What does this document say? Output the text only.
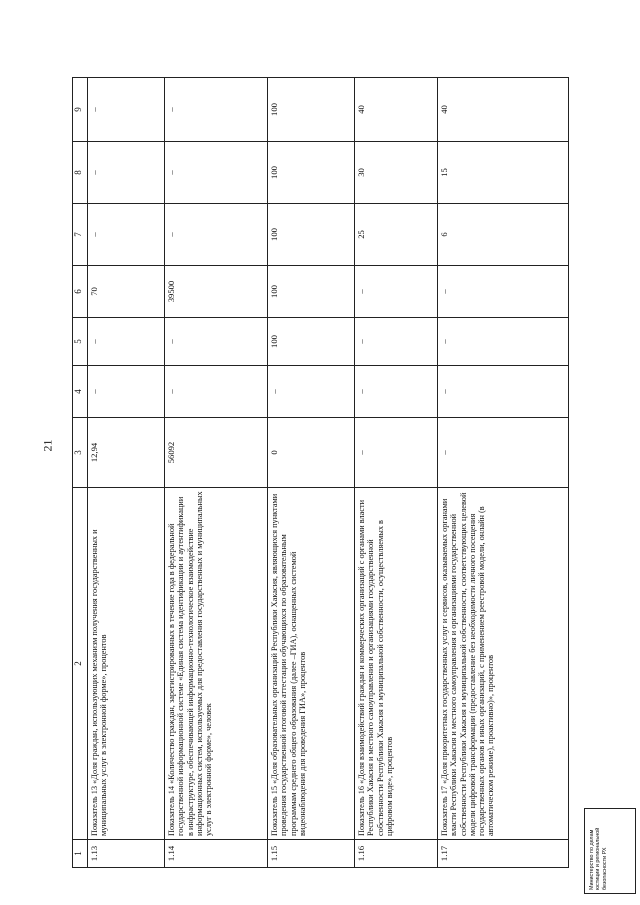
21
1	2	3	4	5	6	7	8	9
1.13	Показатель 13 «Доля граждан, использующих механизм получения государственных и муниципальных услуг в электронной форме», процентов	12,94	–	–	70	–	–	–
1.14	Показатель 14 «Количество граждан, зарегистрированных в течение года в федеральной государственной информационной системе «Единая система идентификации и аутентификации в инфраструктуре, обеспечивающей информационно-технологическое взаимодействие информационных систем, используемых для предоставления государственных и муниципальных услуг в электронной форме», человек	56092	–	–	39500	–	–	–
1.15	Показатель 15 «Доля образовательных организаций Республики Хакасия, являющихся пунктами проведения государственной итоговой аттестации обучающихся по образовательным программам среднего общего образования (далее –ГИА), оснащенных системой видеонаблюдения для проведения ГИА», процентов	0	–	100	100	100	100	100
1.16	Показатель 16 «Доля взаимодействий граждан и коммерческих организаций с органами власти Республики Хакасия и местного самоуправления и организациями государственной собственности Республики Хакасия и муниципальной собственности, осуществляемых в цифровом виде», процентов	–	–	–	–	25	30	40
1.17	Показатель 17 «Доля приоритетных государственных услуг и сервисов, оказываемых органами власти Республики Хакасия и местного самоуправления и организациями государственной собственности Республики Хакасия и муниципальной собственности, соответствующих целевой модели цифровой трансформации (предоставление без необходимости личного посещения государственных органов и иных организаций, с применением реестровой модели, онлайн (в автоматическом режиме), проактивно)», процентов	–	–	–	–	6	15	40
Министерство по делам юстиции и региональной безопасности РХ
